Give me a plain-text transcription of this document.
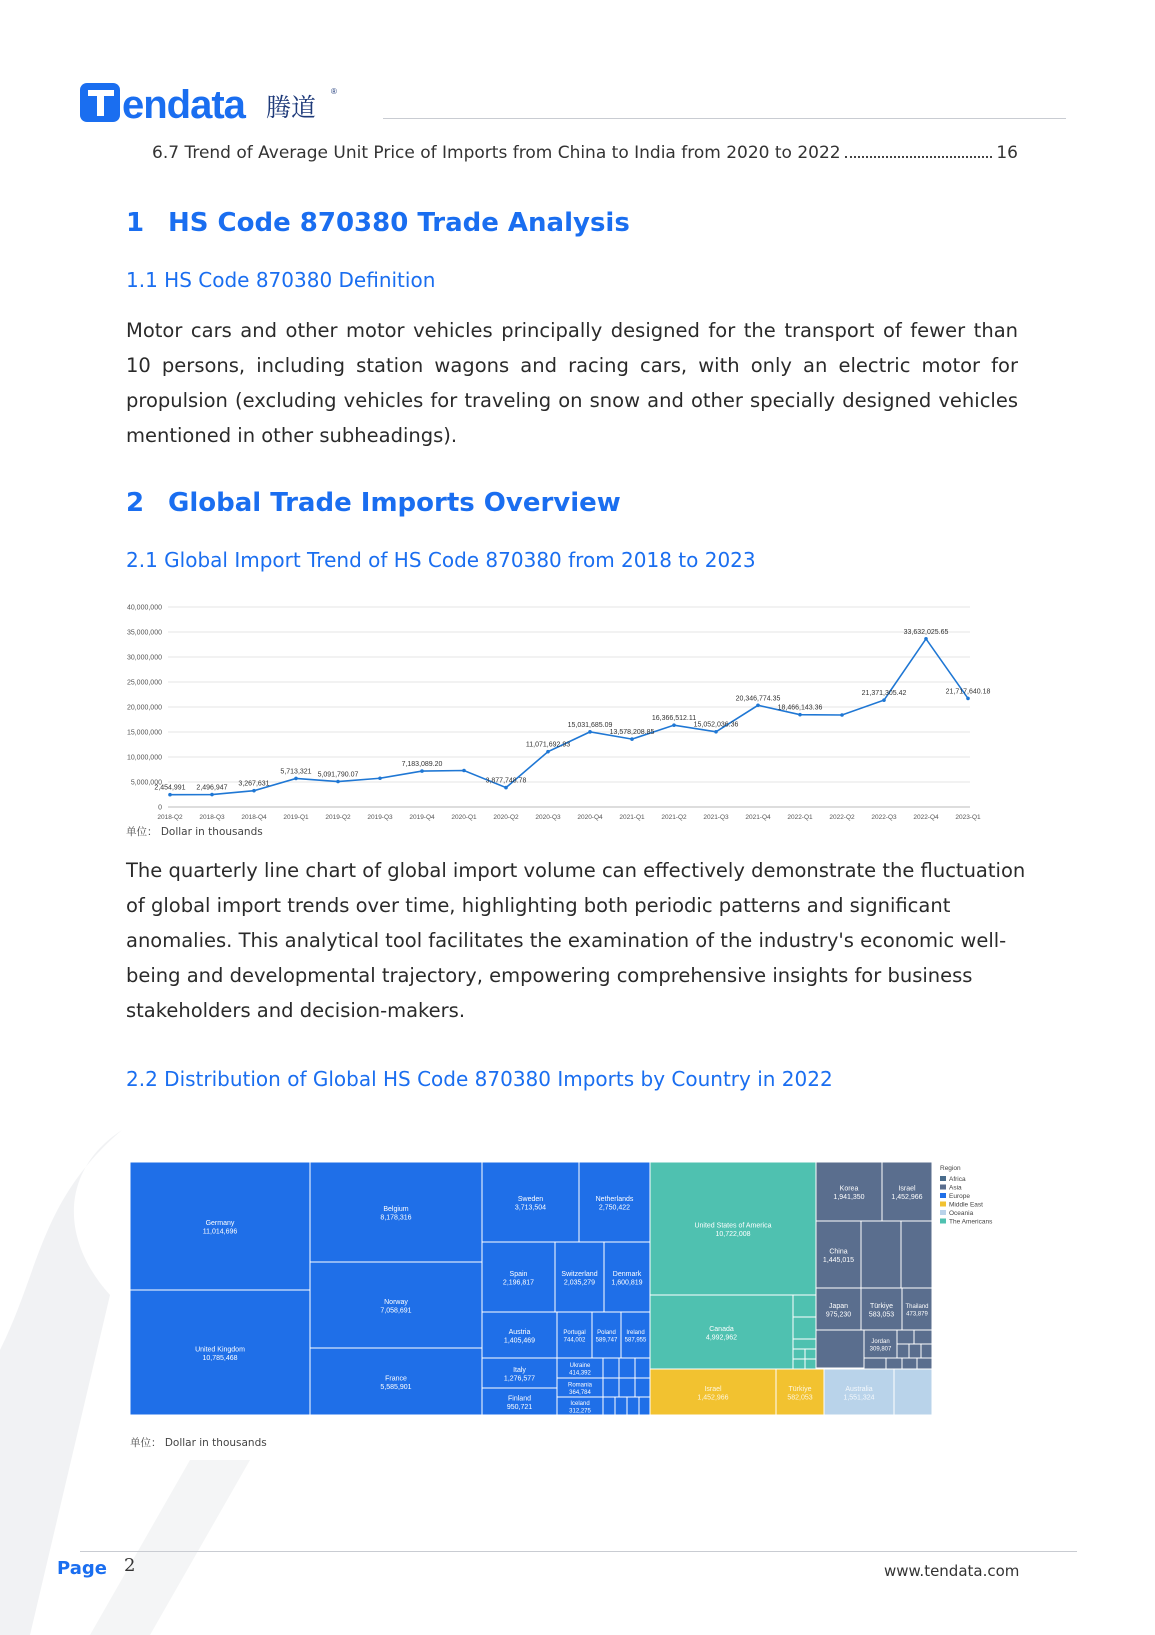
endata 腾道
®
6.7 Trend of Average Unit Price of Imports from China to India from 2020 to 2022	16
1 HS Code 870380 Trade Analysis
1.1 HS Code 870380 Definition
Motor cars and other motor vehicles principally designed for the transport of fewer than 10 persons, including station wagons and racing cars, with only an electric motor for propulsion (excluding vehicles for traveling on snow and other specially designed vehicles mentioned in other subheadings).
2 Global Trade Imports Overview
2.1 Global Import Trend of HS Code 870380 from 2018 to 2023
40,000,000
35,000,000
30,000,000
25,000,000
20,000,000
15,000,000
10,000,000
5,000,000
0
2018-Q2	2018-Q3	2018-Q4	2019-Q1	2019-Q2	2019-Q3	2019-Q4	2020-Q1	2020-Q2	2020-Q3	2020-Q4	2021-Q1	2021-Q2	2021-Q3	2021-Q4	2022-Q1	2022-Q2	2022-Q3	2022-Q4	2023-Q1
2,454,991 2,496,947
3,267,631
5,713,321 5,091,790.07
7,183,089.20
3,877,748.78
11,071,692.93
15,031,685.09
13,578,208.85
16,366,512.11
15,052,036.36
20,346,774.35
18,466,143.36
21,371,305.42
33,632,025.65
21,717,640.18
单位： Dollar in thousands
The quarterly line chart of global import volume can effectively demonstrate the fluctuation of global import trends over time, highlighting both periodic patterns and significant anomalies. This analytical tool facilitates the examination of the industry's economic well-being and developmental trajectory, empowering comprehensive insights for business stakeholders and decision-makers.
2.2 Distribution of Global HS Code 870380 Imports by Country in 2022
Germany
11,014,696
United Kingdom
10,785,468
Belgium
8,178,316
Norway
7,058,691
France
5,585,901
Sweden
3,713,504
Netherlands
2,750,422
Spain
2,196,817
Switzerland
2,035,279
Denmark
1,600,819
Austria
1,405,469
Portugal
744,002
Poland
589,747
Ireland
587,955
Italy
1,276,577
Ukraine
414,392
Romania
364,784
Finland
950,721	Iceland
312,275
United States of America
10,722,008
Canada
4,992,962
Israel
1,452,966
Türkiye
582,053
Australia
1,551,324
Korea
1,941,350
Israel
1,452,966
China
1,445,015
Japan
975,230
Türkiye
583,053
Thailand
473,879
Jordan
309,807
Region
Africa
Asia
Europe
Middle East
Oceania
The Americans
单位： Dollar in thousands
Page 2	www.tendata.com
